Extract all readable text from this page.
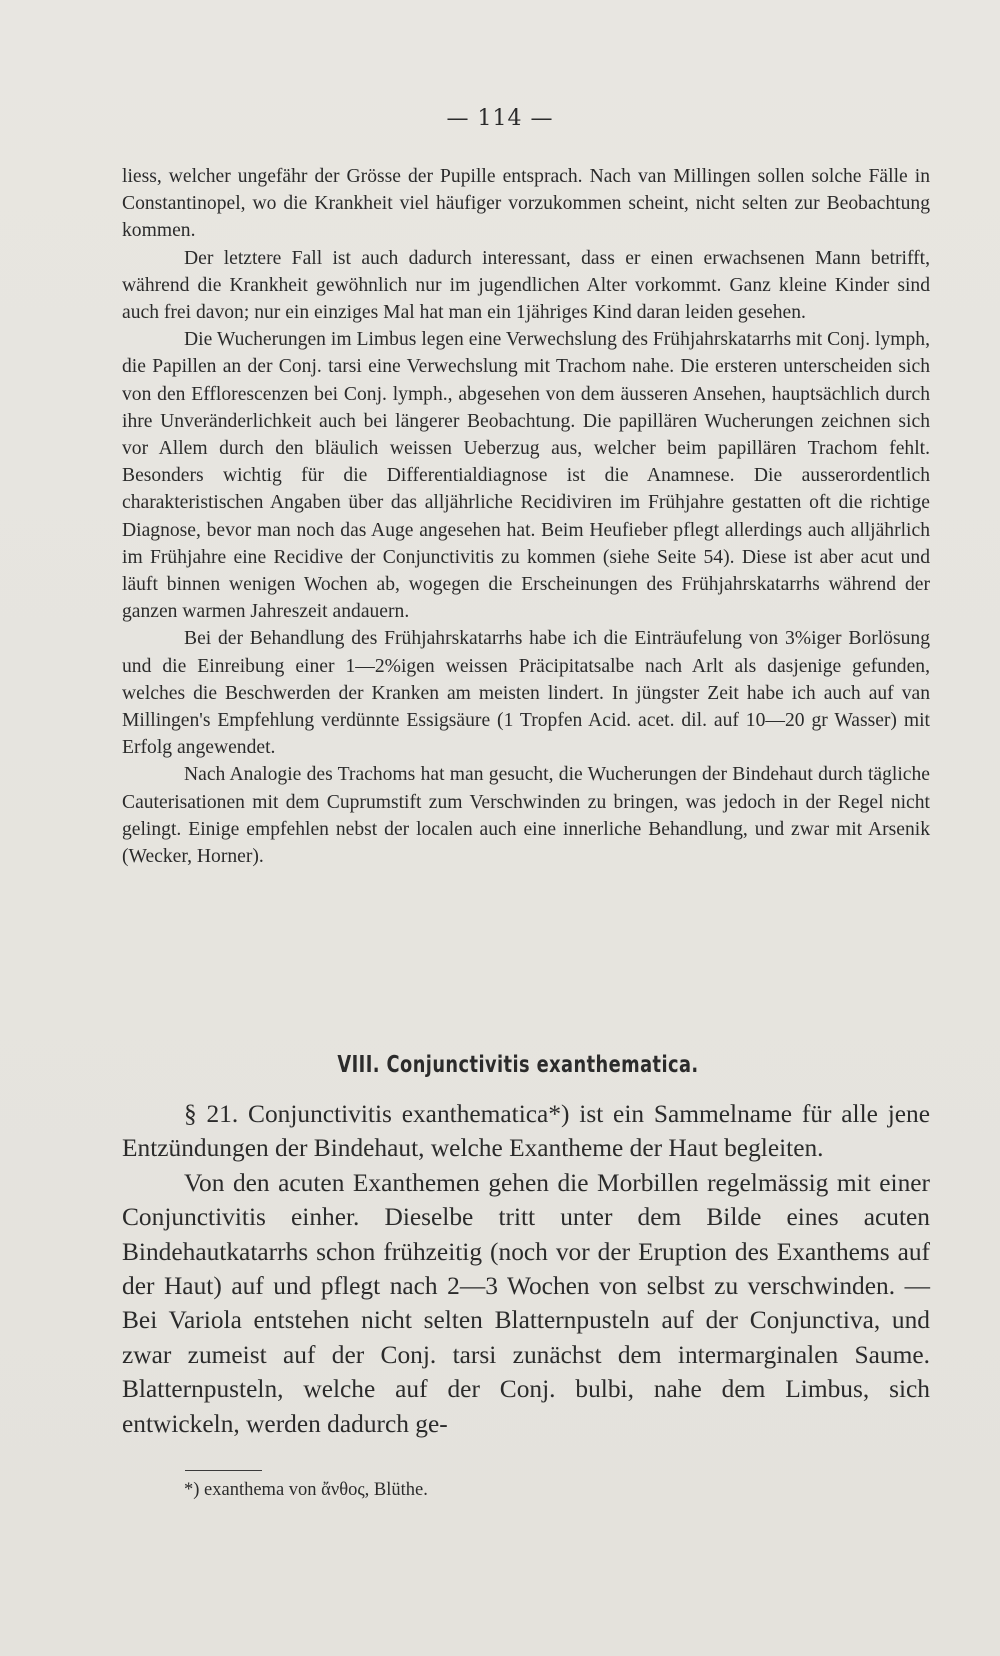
— 114 —

liess, welcher ungefähr der Grösse der Pupille entsprach. Nach van Millingen sollen solche Fälle in Constantinopel, wo die Krankheit viel häufiger vorzukommen scheint, nicht selten zur Beobachtung kommen.

Der letztere Fall ist auch dadurch interessant, dass er einen erwachsenen Mann betrifft, während die Krankheit gewöhnlich nur im jugendlichen Alter vorkommt. Ganz kleine Kinder sind auch frei davon; nur ein einziges Mal hat man ein 1jähriges Kind daran leiden gesehen.

Die Wucherungen im Limbus legen eine Verwechslung des Frühjahrskatarrhs mit Conj. lymph, die Papillen an der Conj. tarsi eine Verwechslung mit Trachom nahe. Die ersteren unterscheiden sich von den Efflorescenzen bei Conj. lymph., abgesehen von dem äusseren Ansehen, hauptsächlich durch ihre Unveränderlichkeit auch bei längerer Beobachtung. Die papillären Wucherungen zeichnen sich vor Allem durch den bläulich weissen Ueberzug aus, welcher beim papillären Trachom fehlt. Besonders wichtig für die Differentialdiagnose ist die Anamnese. Die ausserordentlich charakteristischen Angaben über das alljährliche Recidiviren im Frühjahre gestatten oft die richtige Diagnose, bevor man noch das Auge angesehen hat. Beim Heufieber pflegt allerdings auch alljährlich im Frühjahre eine Recidive der Conjunctivitis zu kommen (siehe Seite 54). Diese ist aber acut und läuft binnen wenigen Wochen ab, wogegen die Erscheinungen des Frühjahrskatarrhs während der ganzen warmen Jahreszeit andauern.

Bei der Behandlung des Frühjahrskatarrhs habe ich die Einträufelung von 3%iger Borlösung und die Einreibung einer 1—2%igen weissen Präcipitatsalbe nach Arlt als dasjenige gefunden, welches die Beschwerden der Kranken am meisten lindert. In jüngster Zeit habe ich auch auf van Millingen's Empfehlung verdünnte Essigsäure (1 Tropfen Acid. acet. dil. auf 10—20 gr Wasser) mit Erfolg angewendet.

Nach Analogie des Trachoms hat man gesucht, die Wucherungen der Bindehaut durch tägliche Cauterisationen mit dem Cuprumstift zum Verschwinden zu bringen, was jedoch in der Regel nicht gelingt. Einige empfehlen nebst der localen auch eine innerliche Behandlung, und zwar mit Arsenik (Wecker, Horner).

VIII. Conjunctivitis exanthematica.

§ 21. Conjunctivitis exanthematica*) ist ein Sammelname für alle jene Entzündungen der Bindehaut, welche Exantheme der Haut begleiten.

Von den acuten Exanthemen gehen die Morbillen regelmässig mit einer Conjunctivitis einher. Dieselbe tritt unter dem Bilde eines acuten Bindehautkatarrhs schon frühzeitig (noch vor der Eruption des Exanthems auf der Haut) auf und pflegt nach 2—3 Wochen von selbst zu verschwinden. — Bei Variola entstehen nicht selten Blatternpusteln auf der Conjunctiva, und zwar zumeist auf der Conj. tarsi zunächst dem intermarginalen Saume. Blatternpusteln, welche auf der Conj. bulbi, nahe dem Limbus, sich entwickeln, werden dadurch ge-

*) exanthema von ἄνθος, Blüthe.
